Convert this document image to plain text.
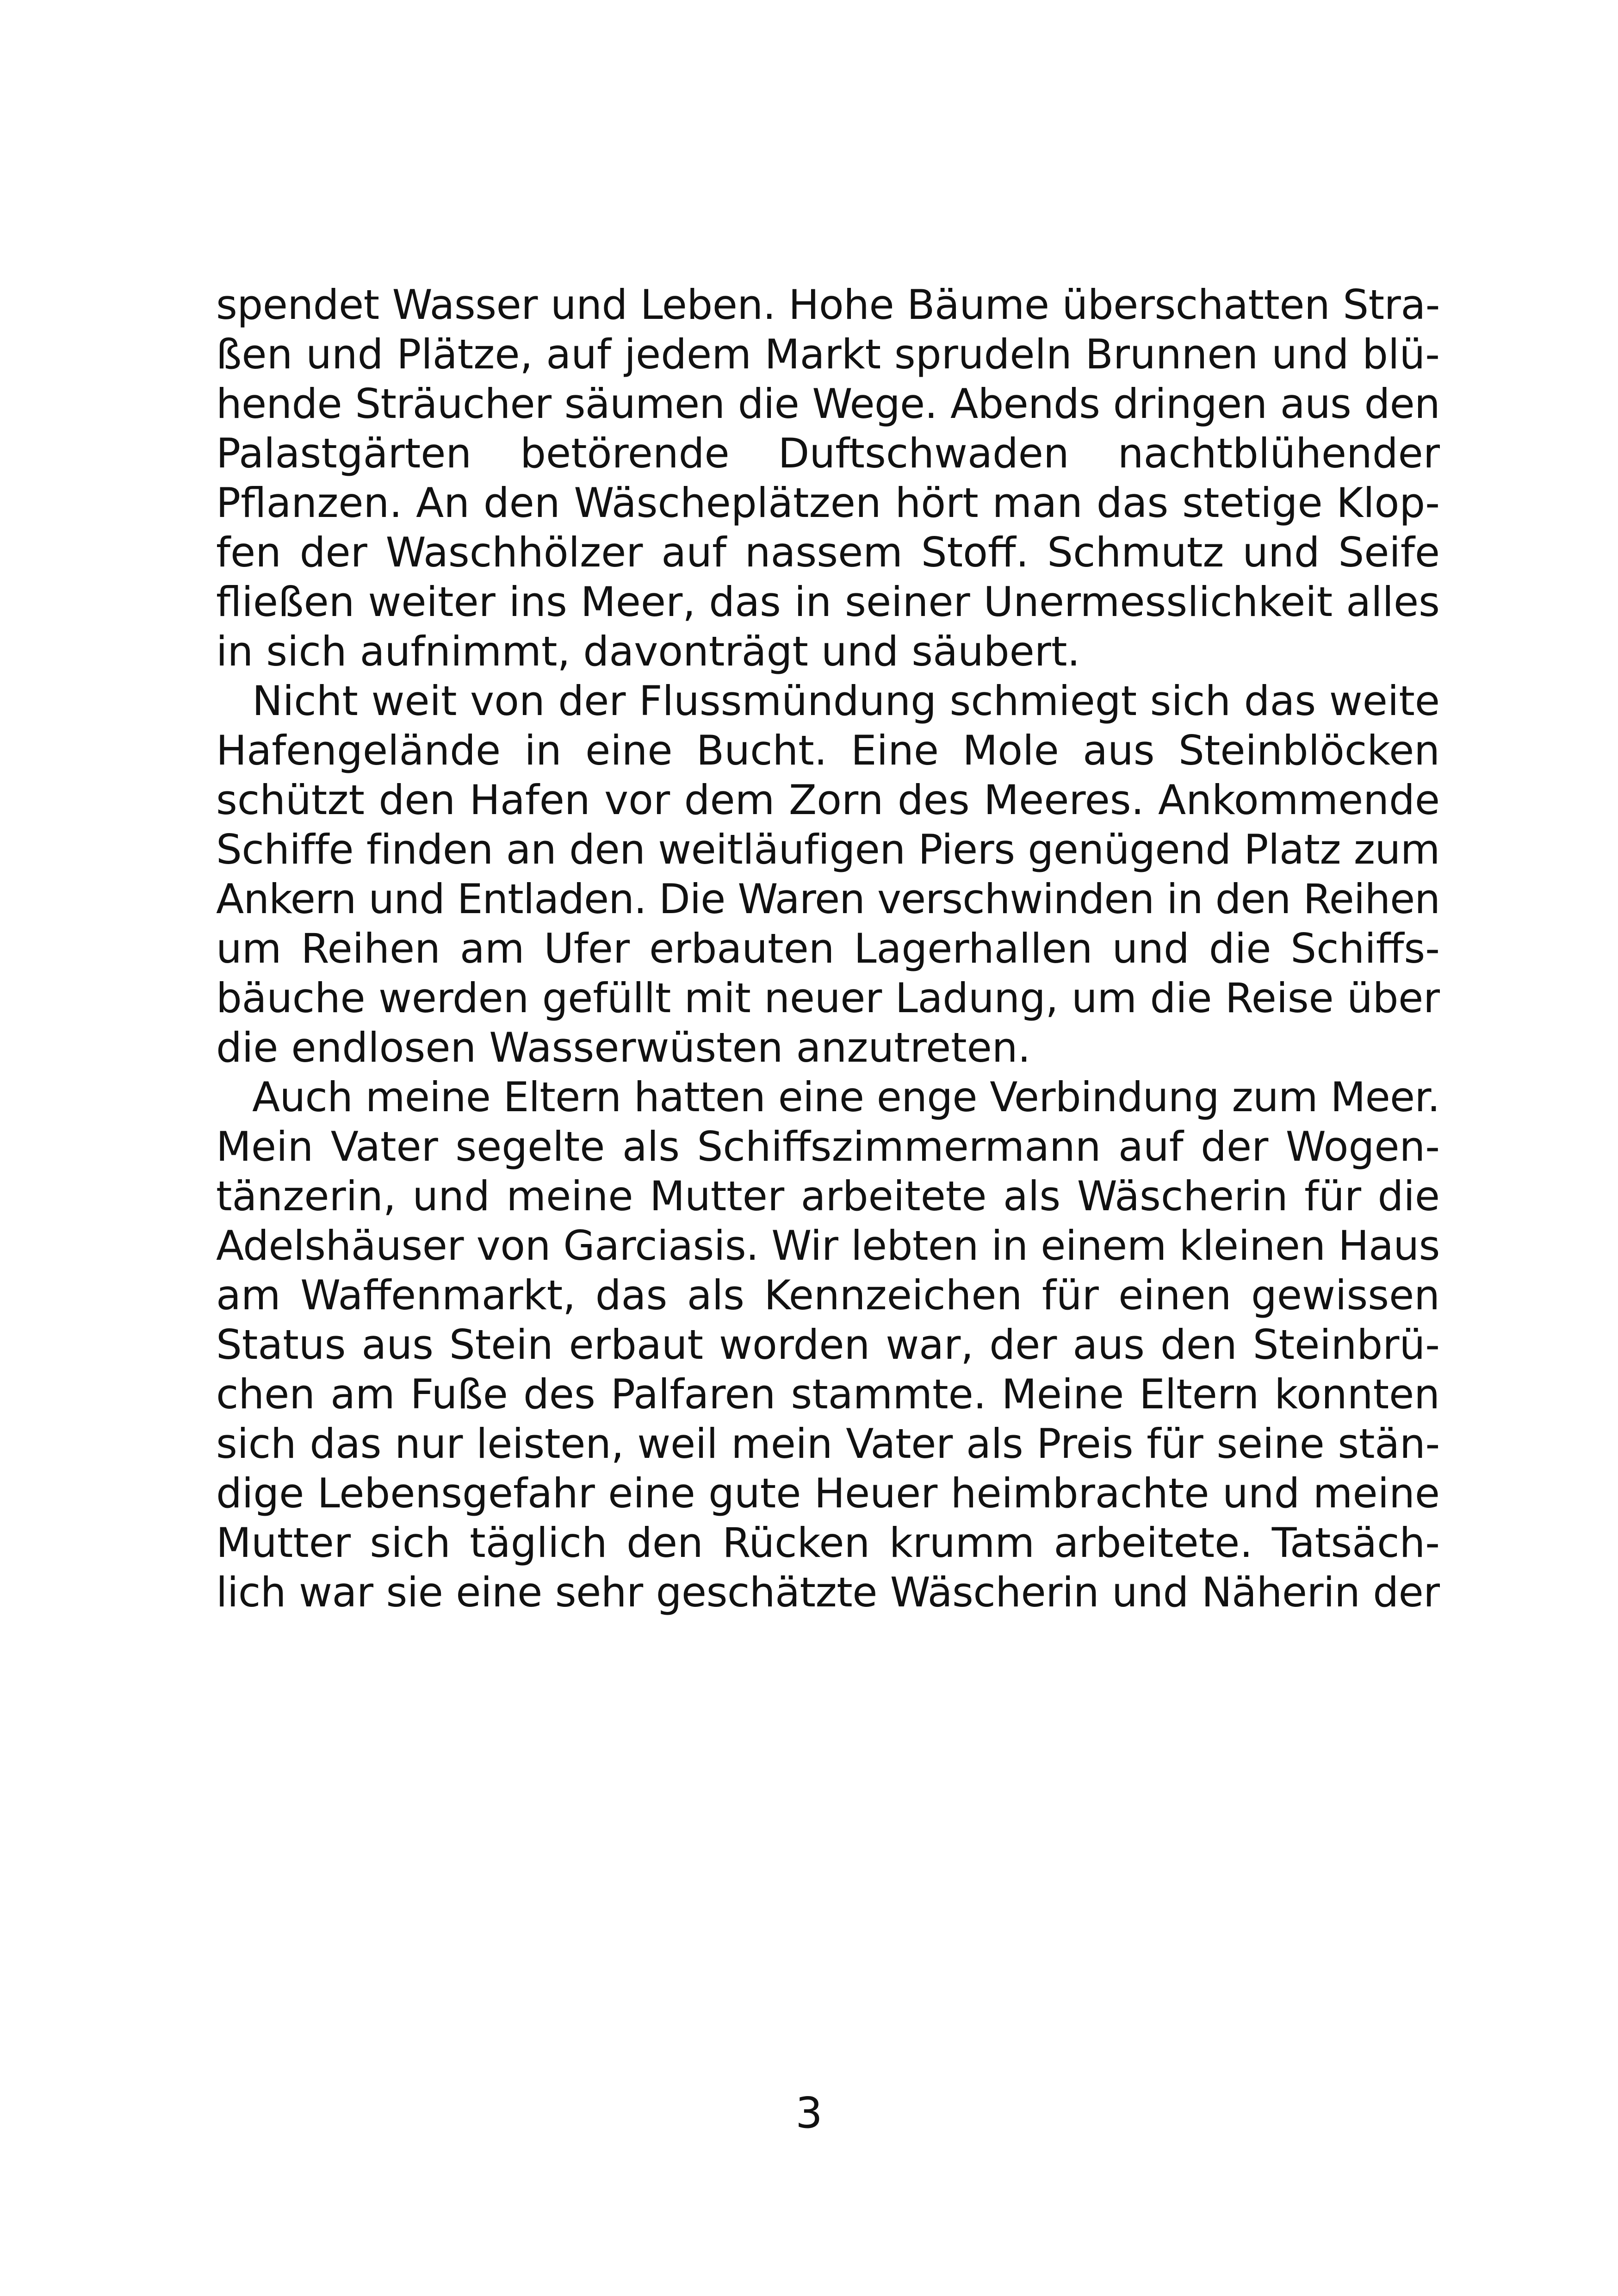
spendet Wasser und Leben. Hohe Bäume überschatten Stra-
ßen und Plätze, auf jedem Markt sprudeln Brunnen und blü-
hende Sträucher säumen die Wege. Abends dringen aus den
Palastgärten betörende Duftschwaden nachtblühender
Pflanzen. An den Wäscheplätzen hört man das stetige Klop-
fen der Waschhölzer auf nassem Stoff. Schmutz und Seife
fließen weiter ins Meer, das in seiner Unermesslichkeit alles
in sich aufnimmt, davonträgt und säubert.
Nicht weit von der Flussmündung schmiegt sich das weite
Hafengelände in eine Bucht. Eine Mole aus Steinblöcken
schützt den Hafen vor dem Zorn des Meeres. Ankommende
Schiffe finden an den weitläufigen Piers genügend Platz zum
Ankern und Entladen. Die Waren verschwinden in den Reihen
um Reihen am Ufer erbauten Lagerhallen und die Schiffs-
bäuche werden gefüllt mit neuer Ladung, um die Reise über
die endlosen Wasserwüsten anzutreten.
Auch meine Eltern hatten eine enge Verbindung zum Meer.
Mein Vater segelte als Schiffszimmermann auf der Wogen-
tänzerin, und meine Mutter arbeitete als Wäscherin für die
Adelshäuser von Garciasis. Wir lebten in einem kleinen Haus
am Waffenmarkt, das als Kennzeichen für einen gewissen
Status aus Stein erbaut worden war, der aus den Steinbrü-
chen am Fuße des Palfaren stammte. Meine Eltern konnten
sich das nur leisten, weil mein Vater als Preis für seine stän-
dige Lebensgefahr eine gute Heuer heimbrachte und meine
Mutter sich täglich den Rücken krumm arbeitete. Tatsäch-
lich war sie eine sehr geschätzte Wäscherin und Näherin der
3
